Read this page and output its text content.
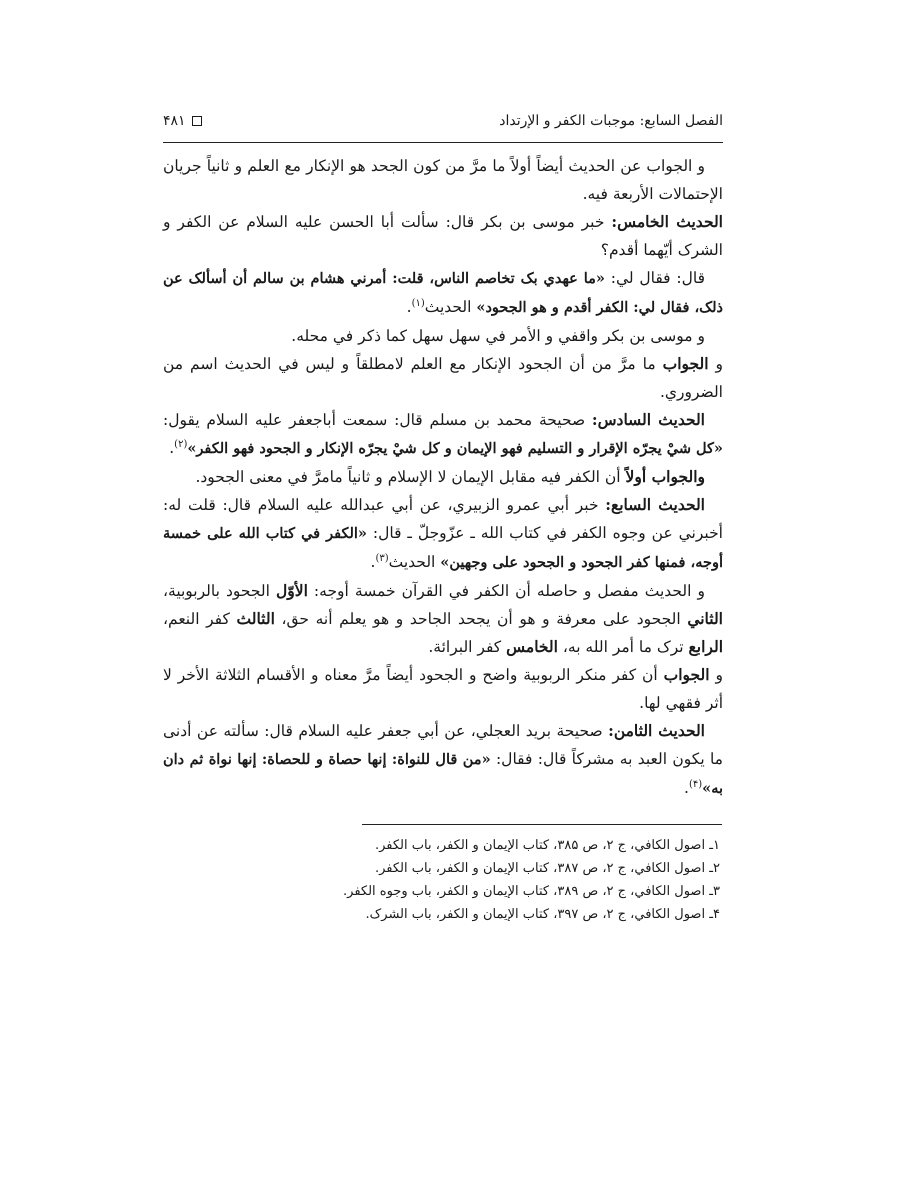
الفصل السابع: موجبات الکفر و الإرتداد
۴۸۱

و الجواب عن الحدیث أیضاً أولاً ما مرَّ من کون الجحد هو الإنکار مع العلم و ثانیاً جریان الإحتمالات الأربعة فیه.

الحدیث الخامس: خبر موسی بن بکر قال: سألت أبا الحسن عليه السلام عن الکفر و الشرک أیّهما أقدم؟

قال: فقال لي: «ما عهدي بک تخاصم الناس، قلت: أمرني هشام بن سالم أن أسألک عن ذلک، فقال لي: الکفر أقدم و هو الجحود» الحدیث$^{(۱)}$.

و موسی بن بکر واقفي و الأمر في سهل سهل کما ذکر في محله.

و الجواب ما مرَّ من أن الجحود الإنکار مع العلم لامطلقاً و لیس في الحدیث اسم من الضروري.

الحدیث السادس: صحیحة محمد بن مسلم قال: سمعت أباجعفر عليه السلام یقول: «کل شيْ یجرّه الإقرار و التسلیم فهو الإیمان و کل شيْ یجرّه الإنکار و الجحود فهو الکفر»$^{(۲)}$.

والجواب أولاً أن الکفر فیه مقابل الإیمان لا الإسلام و ثانیاً مامرَّ في معنی الجحود.

الحدیث السابع: خبر أبي عمرو الزبیري، عن أبي عبدالله عليه السلام قال: قلت له: أخبرني عن وجوه الکفر في کتاب الله ـ عزّوجلّ ـ قال: «الکفر في کتاب الله علی خمسة أوجه، فمنها کفر الجحود و الجحود علی وجهین» الحدیث$^{(۳)}$.

و الحدیث مفصل و حاصله أن الکفر في القرآن خمسة أوجه: الأوّل الجحود بالربوبیة، الثاني الجحود علی معرفة و هو أن یجحد الجاحد و هو یعلم أنه حق، الثالث کفر النعم، الرابع ترک ما أمر الله به، الخامس کفر البرائة.

و الجواب أن کفر منکر الربوبیة واضح و الجحود أیضاً مرَّ معناه و الأقسام الثلاثة الأخر لا أثر فقهي لها.

الحدیث الثامن: صحیحة برید العجلي، عن أبي جعفر عليه السلام قال: سألته عن أدنی ما یکون العبد به مشرکاً قال: فقال: «من قال للنواة: إنها حصاة و للحصاة: إنها نواة ثم دان به»$^{(۴)}$.

۱ـ اصول الکافي، ج ۲، ص ۳۸۵، کتاب الإیمان و الکفر، باب الکفر.
۲ـ اصول الکافي، ج ۲، ص ۳۸۷، کتاب الإیمان و الکفر، باب الکفر.
۳ـ اصول الکافي، ج ۲، ص ۳۸۹، کتاب الإیمان و الکفر، باب وجوه الکفر.
۴ـ اصول الکافي، ج ۲، ص ۳۹۷، کتاب الإیمان و الکفر، باب الشرک.
